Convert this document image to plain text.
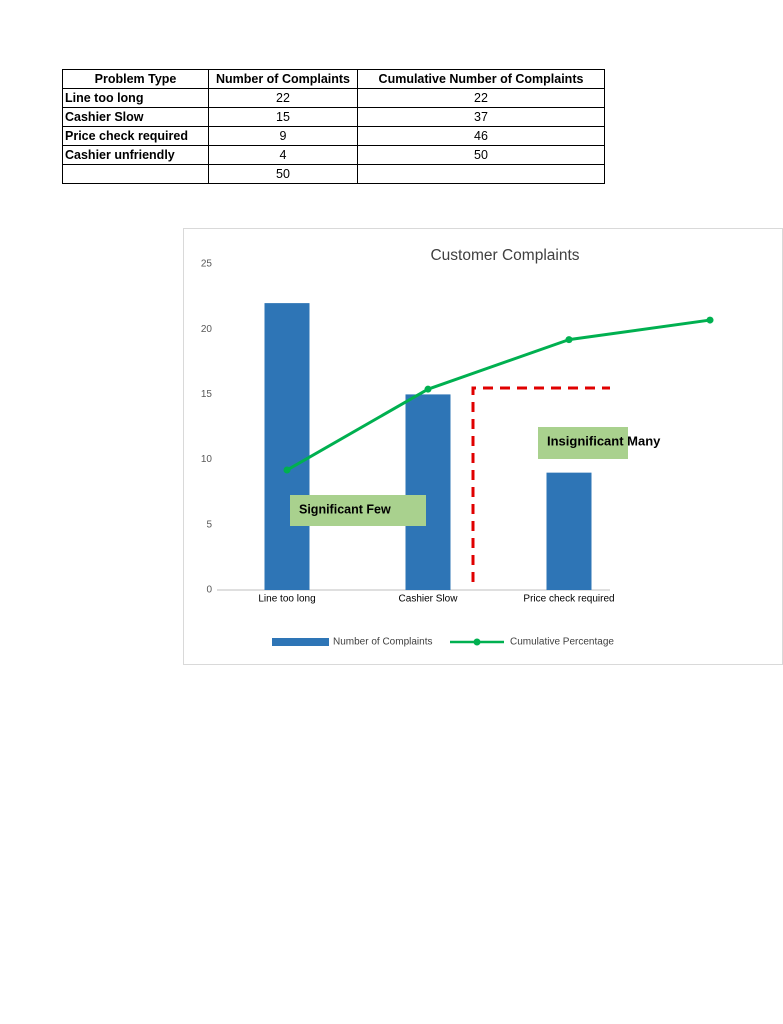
Problem Type	Number of Complaints	Cumulative Number of Complaints
Line too long	22	22
Cashier Slow	15	37
Price check required	9	46
Cashier unfriendly	4	50
	50	
Customer Complaints
0
5
10
15
20
25
Line too long	Cashier Slow	Price check required
Significant Few
Insignificant Many
Number of Complaints	Cumulative Percentage
